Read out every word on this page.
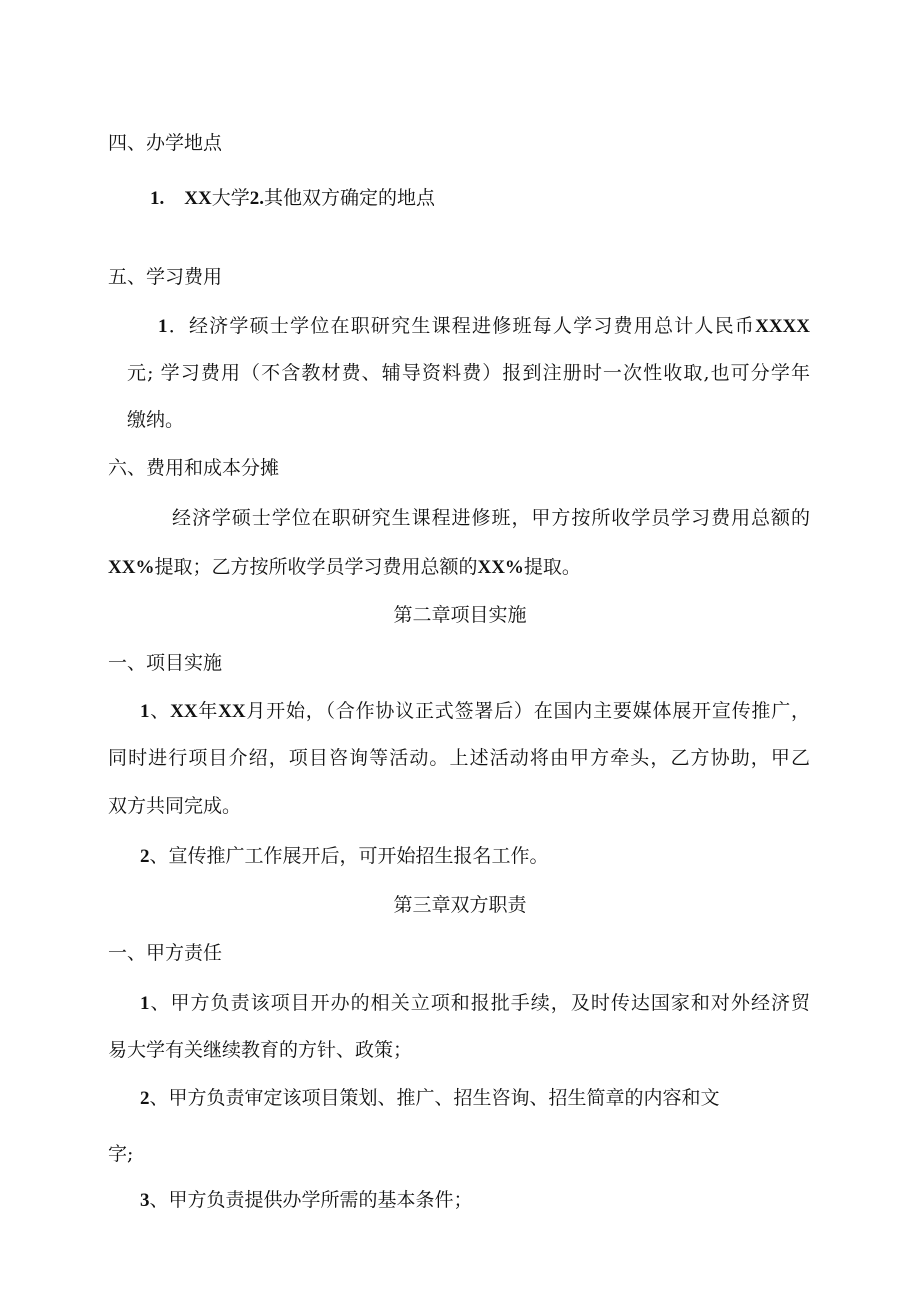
四、办学地点

1. XX大学2.其他双方确定的地点

五、学习费用

1．经济学硕士学位在职研究生课程进修班每人学习费用总计人民币XXXX

元; 学习费用（不含教材费、辅导资料费）报到注册时一次性收取,也可分学年

缴纳。

六、费用和成本分摊

经济学硕士学位在职研究生课程进修班，甲方按所收学员学习费用总额的

XX%提取；乙方按所收学员学习费用总额的XX%提取。

第二章项目实施

一、项目实施

1、XX年XX月开始，（合作协议正式签署后）在国内主要媒体展开宣传推广，

同时进行项目介绍，项目咨询等活动。上述活动将由甲方牵头，乙方协助，甲乙

双方共同完成。

2、宣传推广工作展开后，可开始招生报名工作。

第三章双方职责

一、甲方责任

1、甲方负责该项目开办的相关立项和报批手续，及时传达国家和对外经济贸

易大学有关继续教育的方针、政策；

2、甲方负责审定该项目策划、推广、招生咨询、招生简章的内容和文

字;

3、甲方负责提供办学所需的基本条件；
